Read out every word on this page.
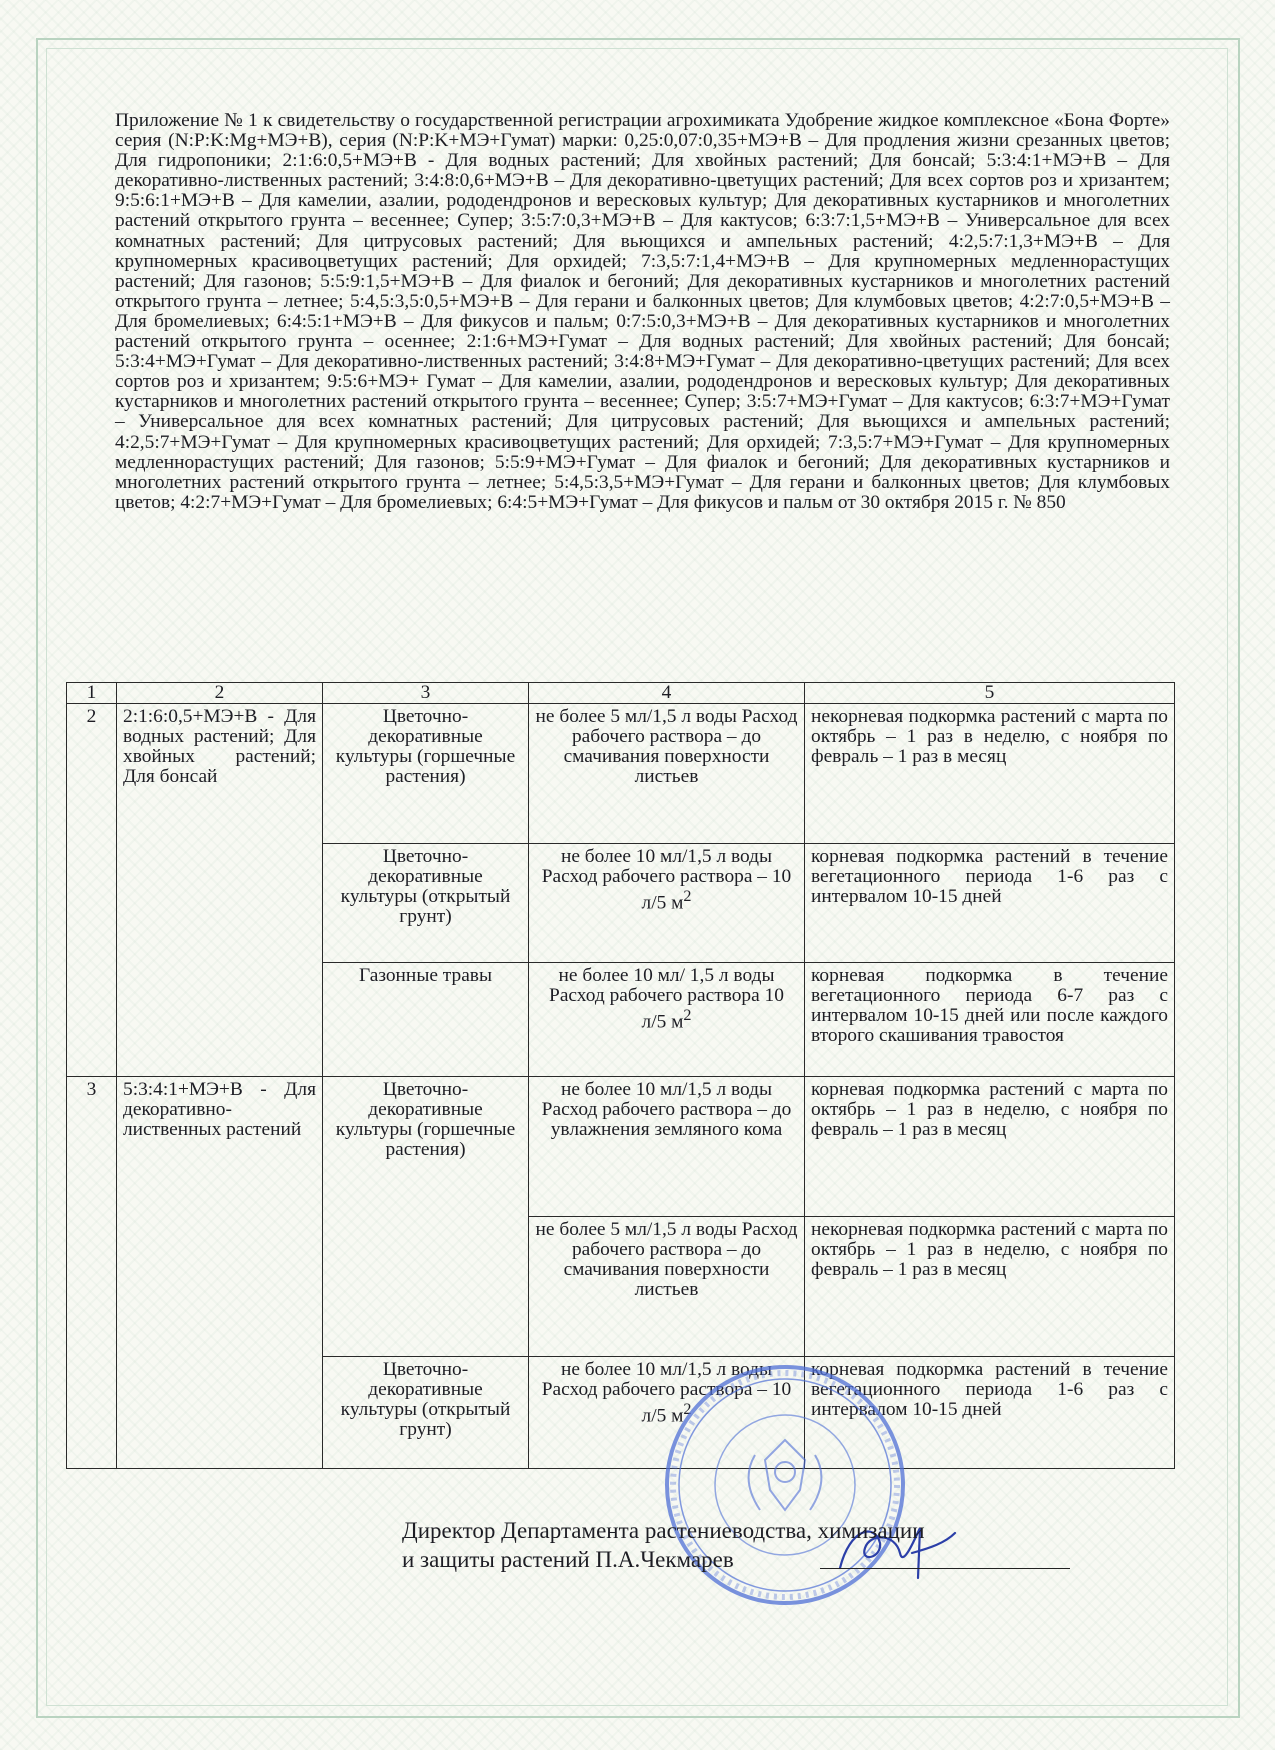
Приложение № 1 к свидетельству о государственной регистрации агрохимиката Удобрение жидкое комплексное «Бона Форте» серия (N:P:K:Mg+МЭ+В), серия (N:P:K+МЭ+Гумат) марки: 0,25:0,07:0,35+МЭ+В – Для продления жизни срезанных цветов; Для гидропоники; 2:1:6:0,5+МЭ+В - Для водных растений; Для хвойных растений; Для бонсай; 5:3:4:1+МЭ+В – Для декоративно-лиственных растений; 3:4:8:0,6+МЭ+В – Для декоративно-цветущих растений; Для всех сортов роз и хризантем; 9:5:6:1+МЭ+В – Для камелии, азалии, рододендронов и вересковых культур; Для декоративных кустарников и многолетних растений открытого грунта – весеннее; Супер; 3:5:7:0,3+МЭ+В – Для кактусов; 6:3:7:1,5+МЭ+В – Универсальное для всех комнатных растений; Для цитрусовых растений; Для вьющихся и ампельных растений; 4:2,5:7:1,3+МЭ+В – Для крупномерных красивоцветущих растений; Для орхидей; 7:3,5:7:1,4+МЭ+В – Для крупномерных медленнорастущих растений; Для газонов; 5:5:9:1,5+МЭ+В – Для фиалок и бегоний; Для декоративных кустарников и многолетних растений открытого грунта – летнее; 5:4,5:3,5:0,5+МЭ+В – Для герани и балконных цветов; Для клумбовых цветов; 4:2:7:0,5+МЭ+В – Для бромелиевых; 6:4:5:1+МЭ+В – Для фикусов и пальм; 0:7:5:0,3+МЭ+В – Для декоративных кустарников и многолетних растений открытого грунта – осеннее; 2:1:6+МЭ+Гумат – Для водных растений; Для хвойных растений; Для бонсай; 5:3:4+МЭ+Гумат – Для декоративно-лиственных растений; 3:4:8+МЭ+Гумат – Для декоративно-цветущих растений; Для всех сортов роз и хризантем; 9:5:6+МЭ+ Гумат – Для камелии, азалии, рододендронов и вересковых культур; Для декоративных кустарников и многолетних растений открытого грунта – весеннее; Супер; 3:5:7+МЭ+Гумат – Для кактусов; 6:3:7+МЭ+Гумат – Универсальное для всех комнатных растений; Для цитрусовых растений; Для вьющихся и ампельных растений; 4:2,5:7+МЭ+Гумат – Для крупномерных красивоцветущих растений; Для орхидей; 7:3,5:7+МЭ+Гумат – Для крупномерных медленнорастущих растений; Для газонов; 5:5:9+МЭ+Гумат – Для фиалок и бегоний; Для декоративных кустарников и многолетних растений открытого грунта – летнее; 5:4,5:3,5+МЭ+Гумат – Для герани и балконных цветов; Для клумбовых цветов; 4:2:7+МЭ+Гумат – Для бромелиевых; 6:4:5+МЭ+Гумат – Для фикусов и пальм от 30 октября 2015 г. № 850
1	2	3	4	5
2	2:1:6:0,5+МЭ+В - Для водных растений; Для хвойных растений; Для бонсай	Цветочно-декоративные культуры (горшечные растения)	не более 5 мл/1,5 л воды Расход рабочего раствора – до смачивания поверхности листьев	некорневая подкормка растений с марта по октябрь – 1 раз в неделю, с ноября по февраль – 1 раз в месяц
		Цветочно-декоративные культуры (открытый грунт)	не более 10 мл/1,5 л воды Расход рабочего раствора – 10 л/5 $м^2$	корневая подкормка растений в течение вегетационного периода 1-6 раз с интервалом 10-15 дней
		Газонные травы	не более 10 мл/ 1,5 л воды Расход рабочего раствора 10 л/5 $м^2$	корневая подкормка в течение вегетационного периода 6-7 раз с интервалом 10-15 дней или после каждого второго скашивания травостоя
3	5:3:4:1+МЭ+В - Для декоративно-лиственных растений	Цветочно-декоративные культуры (горшечные растения)	не более 10 мл/1,5 л воды Расход рабочего раствора – до увлажнения земляного кома	корневая подкормка растений с марта по октябрь – 1 раз в неделю, с ноября по февраль – 1 раз в месяц
			не более 5 мл/1,5 л воды Расход рабочего раствора – до смачивания поверхности листьев	некорневая подкормка растений с марта по октябрь – 1 раз в неделю, с ноября по февраль – 1 раз в месяц
		Цветочно-декоративные культуры (открытый грунт)	не более 10 мл/1,5 л воды Расход рабочего раствора – 10 л/5 $м^2$	корневая подкормка растений в течение вегетационного периода 1-6 раз с интервалом 10-15 дней
Директор Департамента растениеводства, химизации
и защиты растений П.А.Чекмарев
